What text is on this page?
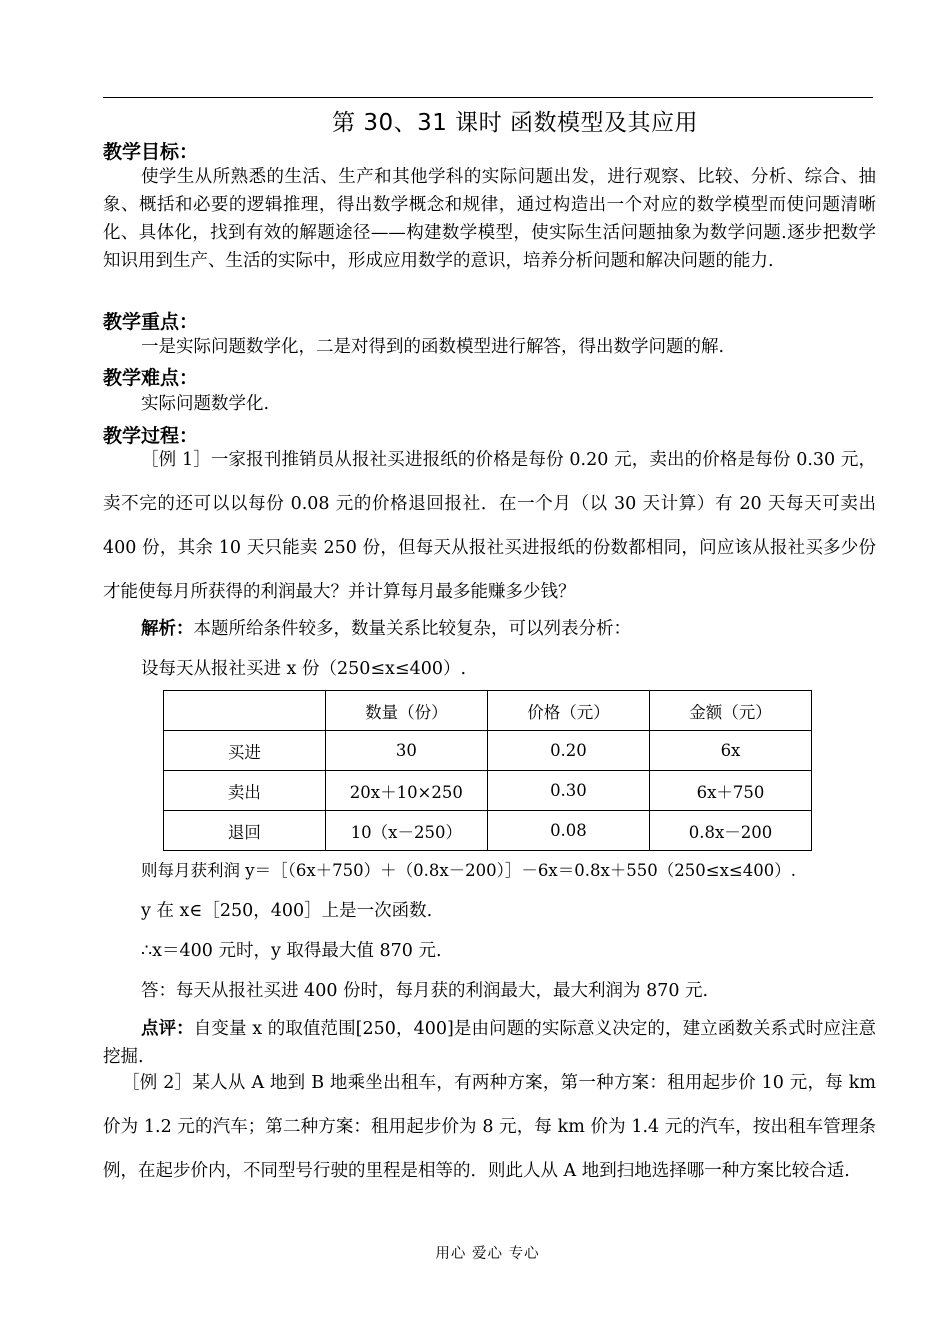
第 30、31 课时 函数模型及其应用
教学目标：
使学生从所熟悉的生活、生产和其他学科的实际问题出发，进行观察、比较、分析、综合、抽象、概括和必要的逻辑推理，得出数学概念和规律，通过构造出一个对应的数学模型而使问题清晰化、具体化，找到有效的解题途径——构建数学模型，使实际生活问题抽象为数学问题.逐步把数学知识用到生产、生活的实际中，形成应用数学的意识，培养分析问题和解决问题的能力.
教学重点：
一是实际问题数学化，二是对得到的函数模型进行解答，得出数学问题的解.
教学难点：
实际问题数学化.
教学过程：
［例 1］一家报刊推销员从报社买进报纸的价格是每份 0.20 元，卖出的价格是每份 0.30 元，卖不完的还可以以每份 0.08 元的价格退回报社．在一个月（以 30 天计算）有 20 天每天可卖出 400 份，其余 10 天只能卖 250 份，但每天从报社买进报纸的份数都相同，问应该从报社买多少份才能使每月所获得的利润最大？并计算每月最多能赚多少钱？
解析：本题所给条件较多，数量关系比较复杂，可以列表分析：
设每天从报社买进 x 份（250≤x≤400）.
	数量（份）	价格（元）	金额（元）
买进	30	0.20	6x
卖出	20x＋10×250	0.30	6x＋750
退回	10（x－250）	0.08	0.8x－200
则每月获利润 y＝［（6x＋750）＋（0.8x－200）］－6x＝0.8x＋550（250≤x≤400）.
y 在 x∈［250，400］上是一次函数.
∴x＝400 元时，y 取得最大值 870 元.
答：每天从报社买进 400 份时，每月获的利润最大，最大利润为 870 元.
点评：自变量 x 的取值范围[250，400]是由问题的实际意义决定的，建立函数关系式时应注意挖掘.
［例 2］某人从 A 地到 B 地乘坐出租车，有两种方案，第一种方案：租用起步价 10 元，每 km 价为 1.2 元的汽车；第二种方案：租用起步价为 8 元，每 km 价为 1.4 元的汽车，按出租车管理条例，在起步价内，不同型号行驶的里程是相等的．则此人从 A 地到扫地选择哪一种方案比较合适.
用心 爱心 专心
